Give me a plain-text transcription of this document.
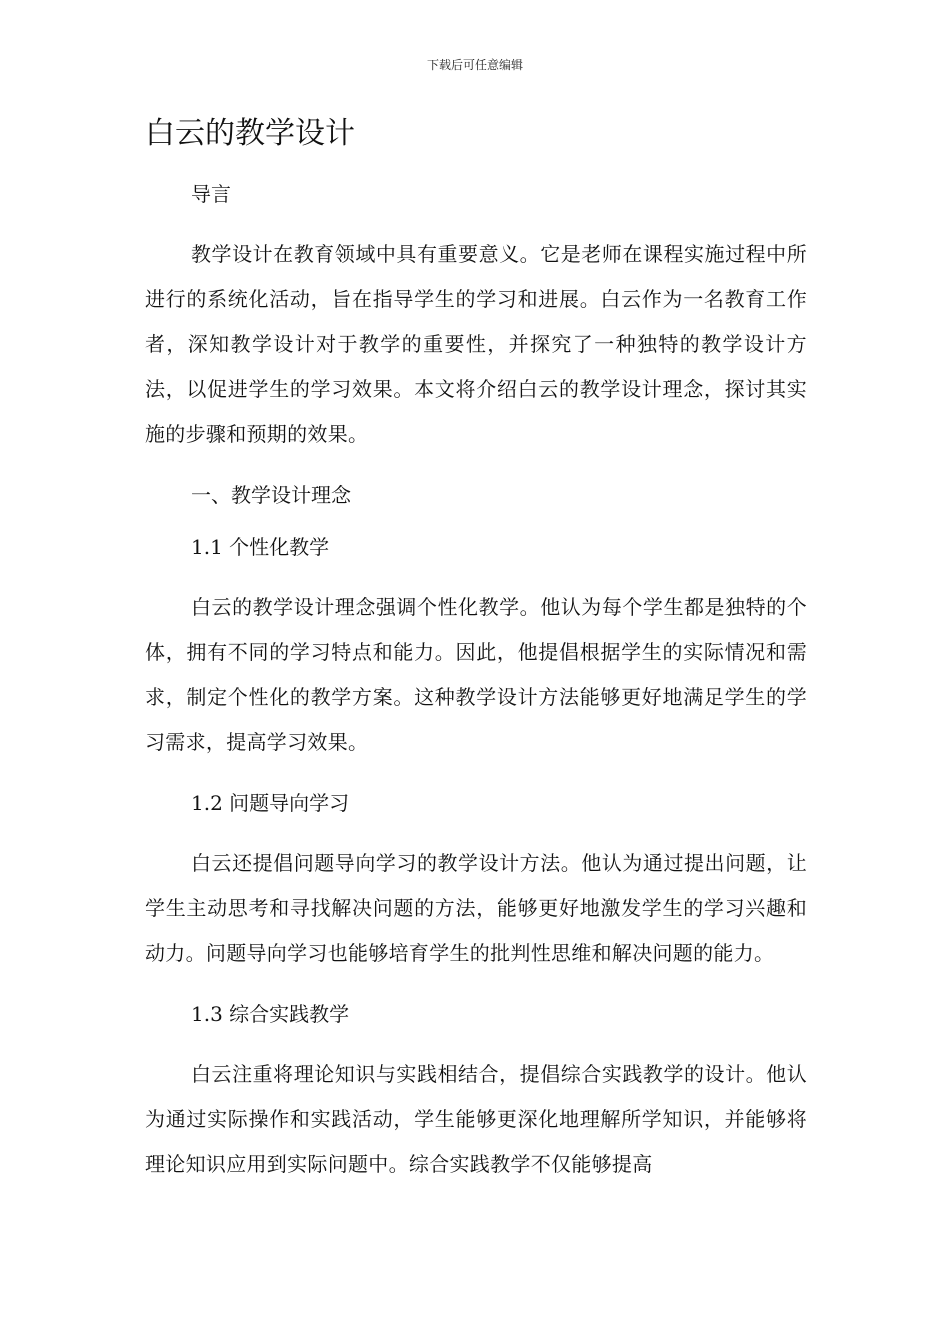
下载后可任意编辑
白云的教学设计
导言

教学设计在教育领域中具有重要意义。它是老师在课程实施过程中所进行的系统化活动，旨在指导学生的学习和进展。白云作为一名教育工作者，深知教学设计对于教学的重要性，并探究了一种独特的教学设计方法，以促进学生的学习效果。本文将介绍白云的教学设计理念，探讨其实施的步骤和预期的效果。

一、教学设计理念
1.1 个性化教学

白云的教学设计理念强调个性化教学。他认为每个学生都是独特的个体，拥有不同的学习特点和能力。因此，他提倡根据学生的实际情况和需求，制定个性化的教学方案。这种教学设计方法能够更好地满足学生的学习需求，提高学习效果。

1.2 问题导向学习

白云还提倡问题导向学习的教学设计方法。他认为通过提出问题，让学生主动思考和寻找解决问题的方法，能够更好地激发学生的学习兴趣和动力。问题导向学习也能够培育学生的批判性思维和解决问题的能力。

1.3 综合实践教学

白云注重将理论知识与实践相结合，提倡综合实践教学的设计。他认为通过实际操作和实践活动，学生能够更深化地理解所学知识，并能够将理论知识应用到实际问题中。综合实践教学不仅能够提高
